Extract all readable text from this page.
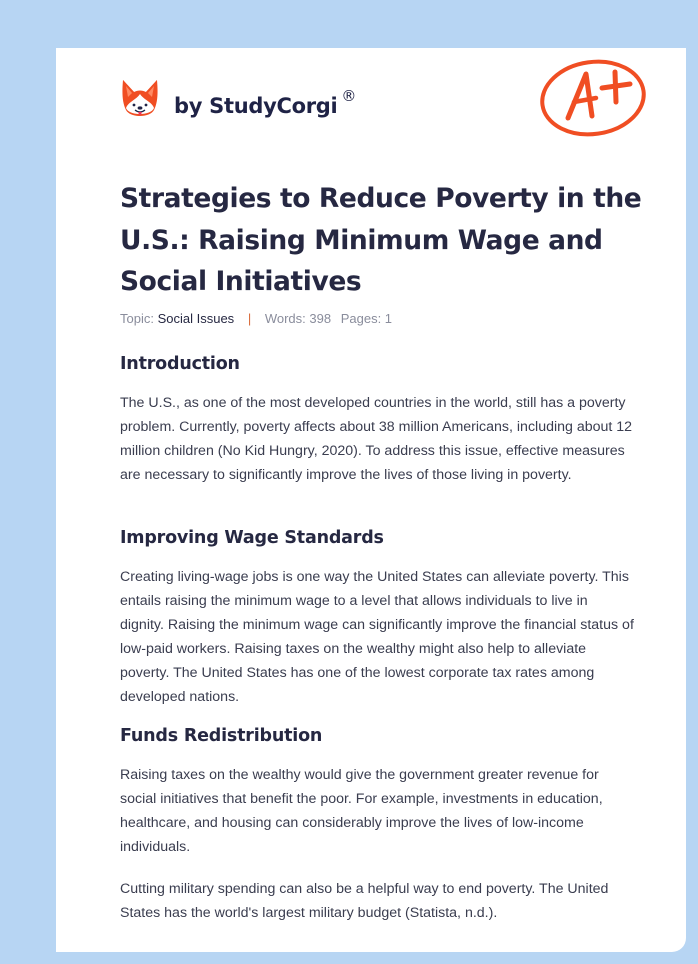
by StudyCorgi ®
Strategies to Reduce Poverty in the U.S.: Raising Minimum Wage and Social Initiatives
Topic: Social Issues | Words: 398 Pages: 1
Introduction

The U.S., as one of the most developed countries in the world, still has a poverty problem. Currently, poverty affects about 38 million Americans, including about 12 million children (No Kid Hungry, 2020). To address this issue, effective measures are necessary to significantly improve the lives of those living in poverty.

Improving Wage Standards

Creating living-wage jobs is one way the United States can alleviate poverty. This entails raising the minimum wage to a level that allows individuals to live in dignity. Raising the minimum wage can significantly improve the financial status of low-paid workers. Raising taxes on the wealthy might also help to alleviate poverty. The United States has one of the lowest corporate tax rates among developed nations.

Funds Redistribution

Raising taxes on the wealthy would give the government greater revenue for social initiatives that benefit the poor. For example, investments in education, healthcare, and housing can considerably improve the lives of low-income individuals.

Cutting military spending can also be a helpful way to end poverty. The United States has the world's largest military budget (Statista, n.d.).
